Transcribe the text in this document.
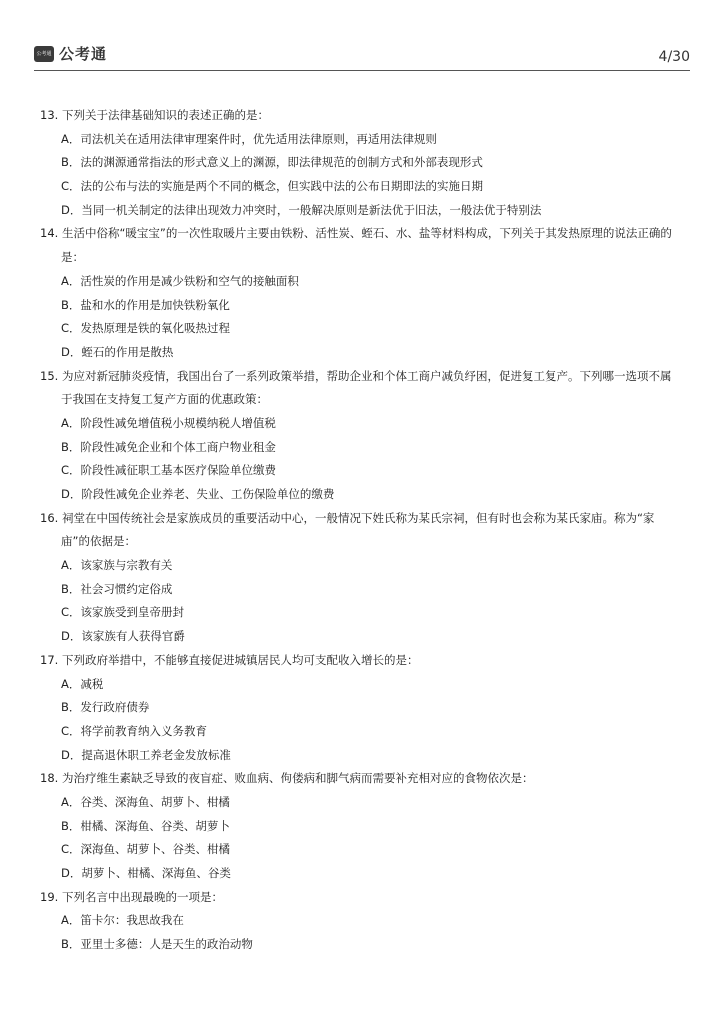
公考通 公考通	4/30
13. 下列关于法律基础知识的表述正确的是：
A．司法机关在适用法律审理案件时，优先适用法律原则，再适用法律规则
B．法的渊源通常指法的形式意义上的渊源，即法律规范的创制方式和外部表现形式
C．法的公布与法的实施是两个不同的概念，但实践中法的公布日期即法的实施日期
D．当同一机关制定的法律出现效力冲突时，一般解决原则是新法优于旧法，一般法优于特别法
14. 生活中俗称“暖宝宝”的一次性取暖片主要由铁粉、活性炭、蛭石、水、盐等材料构成，下列关于其发热原理的说法正确的
是：
A．活性炭的作用是减少铁粉和空气的接触面积
B．盐和水的作用是加快铁粉氧化
C．发热原理是铁的氧化吸热过程
D．蛭石的作用是散热
15. 为应对新冠肺炎疫情，我国出台了一系列政策举措，帮助企业和个体工商户减负纾困，促进复工复产。下列哪一选项不属
于我国在支持复工复产方面的优惠政策：
A．阶段性减免增值税小规模纳税人增值税
B．阶段性减免企业和个体工商户物业租金
C．阶段性减征职工基本医疗保险单位缴费
D．阶段性减免企业养老、失业、工伤保险单位的缴费
16. 祠堂在中国传统社会是家族成员的重要活动中心，一般情况下姓氏称为某氏宗祠，但有时也会称为某氏家庙。称为“家
庙”的依据是：
A．该家族与宗教有关
B．社会习惯约定俗成
C．该家族受到皇帝册封
D．该家族有人获得官爵
17. 下列政府举措中，不能够直接促进城镇居民人均可支配收入增长的是：
A．减税
B．发行政府债券
C．将学前教育纳入义务教育
D．提高退休职工养老金发放标准
18. 为治疗维生素缺乏导致的夜盲症、败血病、佝偻病和脚气病而需要补充相对应的食物依次是：
A．谷类、深海鱼、胡萝卜、柑橘
B．柑橘、深海鱼、谷类、胡萝卜
C．深海鱼、胡萝卜、谷类、柑橘
D．胡萝卜、柑橘、深海鱼、谷类
19. 下列名言中出现最晚的一项是：
A．笛卡尔：我思故我在
B．亚里士多德：人是天生的政治动物
